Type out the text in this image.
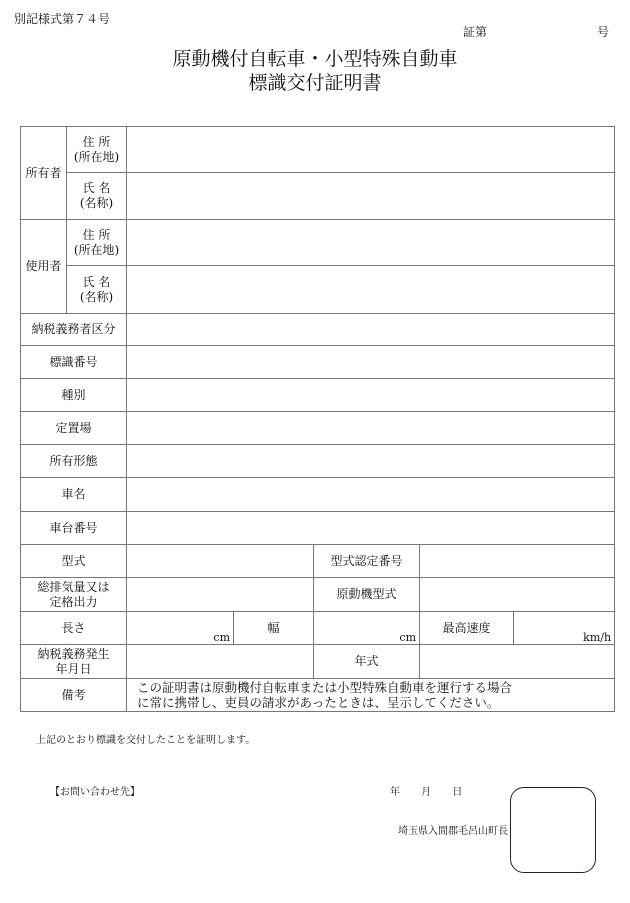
別記様式第７４号
証第	号
原動機付自転車・小型特殊自動車
標識交付証明書
所有者	住 所
(所在地)					
	氏 名
(名称)					
使用者	住 所
(所在地)					
	氏 名
(名称)					
納税義務者区分						
標識番号						
種別						
定置場						
所有形態						
車名						
車台番号						
型式				型式認定番号		
総排気量又は
定格出力				原動機型式		
長さ		cm	幅	cm	最高速度	km/h

納税義務発生
年月日				年式		
備考		この証明書は原動機付自転車または小型特殊自動車を運行する場合
に常に携帯し、吏員の請求があったときは、呈示してください。				
上記のとおり標識を交付したことを証明します。
【お問い合わせ先】	年 月 日
埼玉県入間郡毛呂山町長
